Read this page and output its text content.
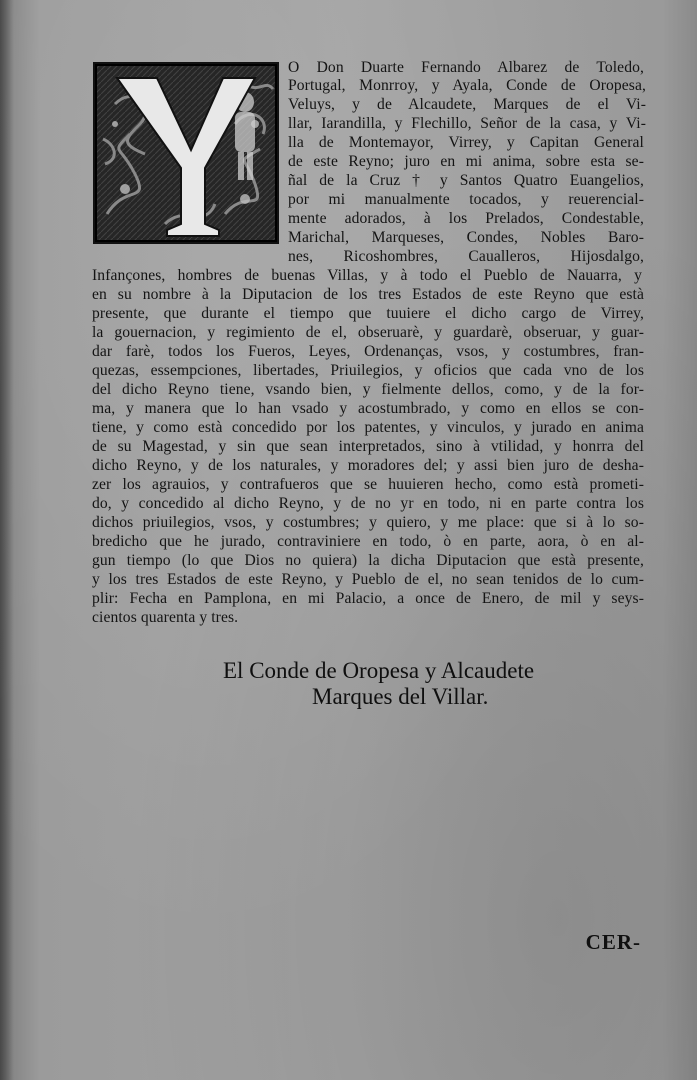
O Don Duarte Fernando Albarez de Toledo,
Portugal, Monrroy, y Ayala, Conde de Oropesa,
Veluys, y de Alcaudete, Marques de el Vi-
llar, Iarandilla, y Flechillo, Señor de la casa, y Vi-
lla de Montemayor, Virrey, y Capitan General
de este Reyno; juro en mi anima, sobre esta se-
ñal de la Cruz † y Santos Quatro Euangelios,
por mi manualmente tocados, y reuerencial-
mente adorados, à los Prelados, Condestable,
Marichal, Marqueses, Condes, Nobles Baro-
nes, Ricoshombres, Caualleros, Hijosdalgo,
Infançones, hombres de buenas Villas, y à todo el Pueblo de Nauarra, y
en su nombre à la Diputacion de los tres Estados de este Reyno que està
presente, que durante el tiempo que tuuiere el dicho cargo de Virrey,
la gouernacion, y regimiento de el, obseruarè, y guardarè, obseruar, y guar-
dar farè, todos los Fueros, Leyes, Ordenanças, vsos, y costumbres, fran-
quezas, essempciones, libertades, Priuilegios, y oficios que cada vno de los
del dicho Reyno tiene, vsando bien, y fielmente dellos, como, y de la for-
ma, y manera que lo han vsado y acostumbrado, y como en ellos se con-
tiene, y como està concedido por los patentes, y vinculos, y jurado en anima
de su Magestad, y sin que sean interpretados, sino à vtilidad, y honrra del
dicho Reyno, y de los naturales, y moradores del; y assi bien juro de desha-
zer los agrauios, y contrafueros que se huuieren hecho, como està prometi-
do, y concedido al dicho Reyno, y de no yr en todo, ni en parte contra los
dichos priuilegios, vsos, y costumbres; y quiero, y me place: que si à lo so-
bredicho que he jurado, contraviniere en todo, ò en parte, aora, ò en al-
gun tiempo (lo que Dios no quiera) la dicha Diputacion que està presente,
y los tres Estados de este Reyno, y Pueblo de el, no sean tenidos de lo cum-
plir: Fecha en Pamplona, en mi Palacio, a once de Enero, de mil y seys-
cientos quarenta y tres.
El Conde de Oropesa y Alcaudete
Marques del Villar.
CER-
